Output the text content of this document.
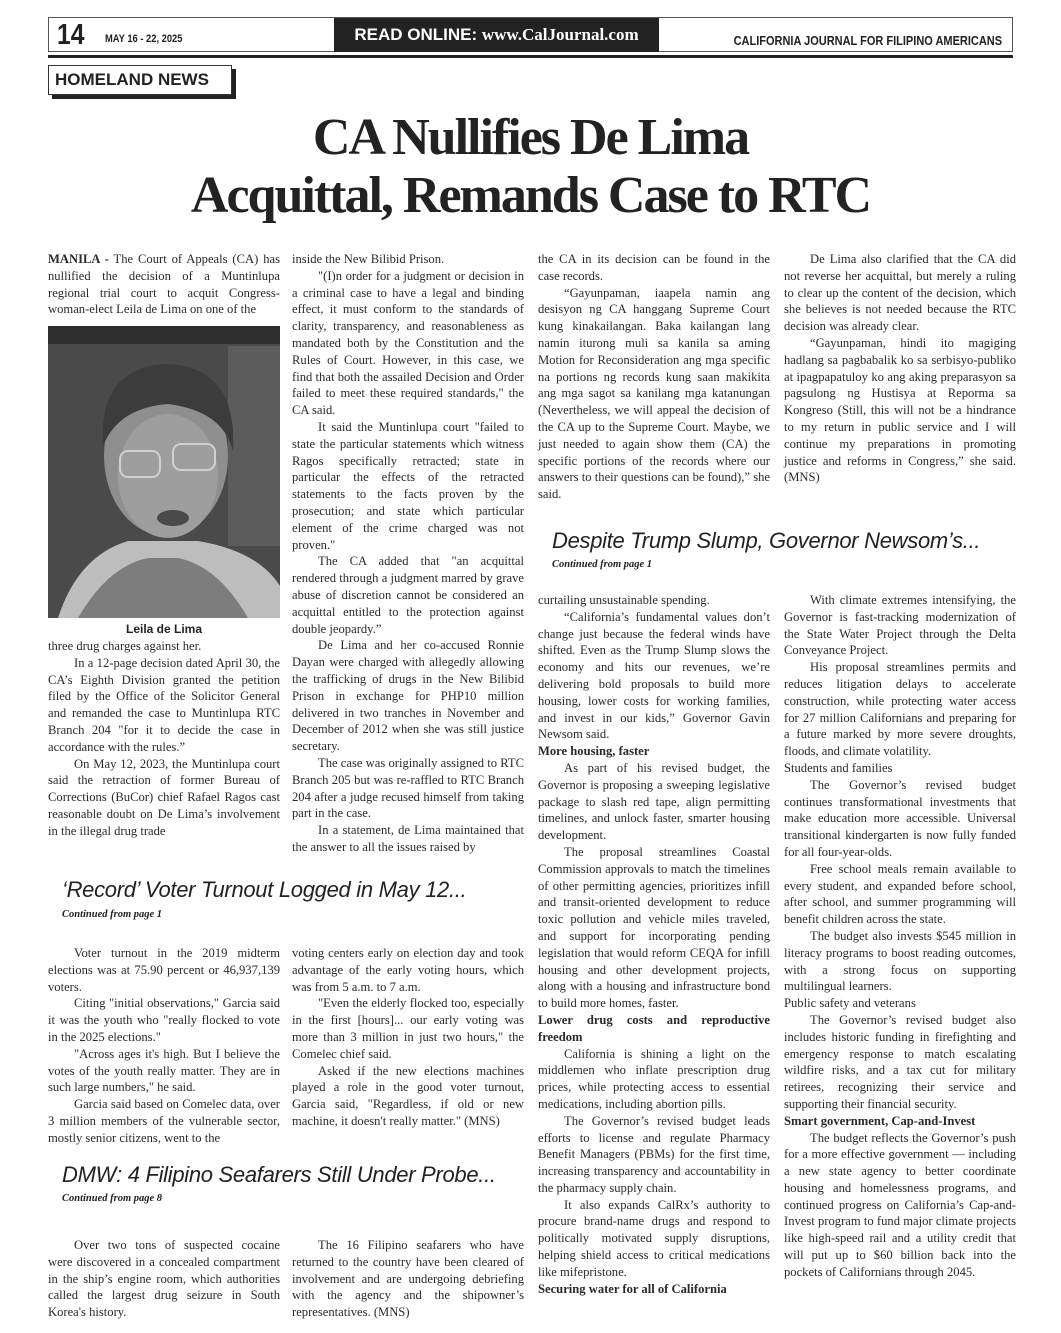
14 MAY 16 - 22, 2025	READ ONLINE: www.CalJournal.com	CALIFORNIA JOURNAL FOR FILIPINO AMERICANS
HOMELAND NEWS
CA Nullifies De Lima
Acquittal, Remands Case to RTC

MANILA - The Court of Appeals (CA) has nullified the decision of a Muntinlupa regional trial court to acquit Congress-woman-elect Leila de Lima on one of the

Leila de Lima

three drug charges against her.

In a 12-page decision dated April 30, the CA’s Eighth Division granted the petition filed by the Office of the Solicitor General and remanded the case to Muntinlupa RTC Branch 204 "for it to decide the case in accordance with the rules.”

On May 12, 2023, the Muntinlupa court said the retraction of former Bureau of Corrections (BuCor) chief Rafael Ragos cast reasonable doubt on De Lima’s involvement in the illegal drug trade

inside the New Bilibid Prison.

"(I)n order for a judgment or decision in a criminal case to have a legal and binding effect, it must conform to the standards of clarity, transparency, and reasonableness as mandated both by the Constitution and the Rules of Court. However, in this case, we find that both the assailed Decision and Order failed to meet these required standards," the CA said.

It said the Muntinlupa court "failed to state the particular statements which witness Ragos specifically retracted; state in particular the effects of the retracted statements to the facts proven by the prosecution; and state which particular element of the crime charged was not proven."

The CA added that "an acquittal rendered through a judgment marred by grave abuse of discretion cannot be considered an acquittal entitled to the protection against double jeopardy.”

De Lima and her co-accused Ronnie Dayan were charged with allegedly allowing the trafficking of drugs in the New Bilibid Prison in exchange for PHP10 million delivered in two tranches in November and December of 2012 when she was still justice secretary.

The case was originally assigned to RTC Branch 205 but was re-raffled to RTC Branch 204 after a judge recused himself from taking part in the case.

In a statement, de Lima maintained that the answer to all the issues raised by

the CA in its decision can be found in the case records.

“Gayunpaman, iaapela namin ang desisyon ng CA hanggang Supreme Court kung kinakailangan. Baka kailangan lang namin iturong muli sa kanila sa aming Motion for Reconsideration ang mga specific na portions ng records kung saan makikita ang mga sagot sa kanilang mga katanungan (Nevertheless, we will appeal the decision of the CA up to the Supreme Court. Maybe, we just needed to again show them (CA) the specific portions of the records where our answers to their questions can be found),” she said.

De Lima also clarified that the CA did not reverse her acquittal, but merely a ruling to clear up the content of the decision, which she believes is not needed because the RTC decision was already clear.

“Gayunpaman, hindi ito magiging hadlang sa pagbabalik ko sa serbisyo-publiko at ipagpapatuloy ko ang aking preparasyon sa pagsulong ng Hustisya at Reporma sa Kongreso (Still, this will not be a hindrance to my return in public service and I will continue my preparations in promoting justice and reforms in Congress,” she said. (MNS)

Despite Trump Slump, Governor Newsom’s...
Continued from page 1

curtailing unsustainable spending.

“California’s fundamental values don’t change just because the federal winds have shifted. Even as the Trump Slump slows the economy and hits our revenues, we’re delivering bold proposals to build more housing, lower costs for working families, and invest in our kids,” Governor Gavin Newsom said.

More housing, faster

As part of his revised budget, the Governor is proposing a sweeping legislative package to slash red tape, align permitting timelines, and unlock faster, smarter housing development.

The proposal streamlines Coastal Commission approvals to match the timelines of other permitting agencies, prioritizes infill and transit-oriented development to reduce toxic pollution and vehicle miles traveled, and support for incorporating pending legislation that would reform CEQA for infill housing and other development projects, along with a housing and infrastructure bond to build more homes, faster.

Lower drug costs and reproductive freedom

California is shining a light on the middlemen who inflate prescription drug prices, while protecting access to essential medications, including abortion pills.

The Governor’s revised budget leads efforts to license and regulate Pharmacy Benefit Managers (PBMs) for the first time, increasing transparency and accountability in the pharmacy supply chain.

It also expands CalRx’s authority to procure brand-name drugs and respond to politically motivated supply disruptions, helping shield access to critical medications like mifepristone.

Securing water for all of California

With climate extremes intensifying, the Governor is fast-tracking modernization of the State Water Project through the Delta Conveyance Project.

His proposal streamlines permits and reduces litigation delays to accelerate construction, while protecting water access for 27 million Californians and preparing for a future marked by more severe droughts, floods, and climate volatility.

Students and families

The Governor’s revised budget continues transformational investments that make education more accessible. Universal transitional kindergarten is now fully funded for all four-year-olds.

Free school meals remain available to every student, and expanded before school, after school, and summer programming will benefit children across the state.

The budget also invests $545 million in literacy programs to boost reading outcomes, with a strong focus on supporting multilingual learners.

Public safety and veterans

The Governor’s revised budget also includes historic funding in firefighting and emergency response to match escalating wildfire risks, and a tax cut for military retirees, recognizing their service and supporting their financial security.

Smart government, Cap-and-Invest

The budget reflects the Governor’s push for a more effective government — including a new state agency to better coordinate housing and homelessness programs, and continued progress on California’s Cap-and-Invest program to fund major climate projects like high-speed rail and a utility credit that will put up to $60 billion back into the pockets of Californians through 2045.

‘Record’ Voter Turnout Logged in May 12...
Continued from page 1

Voter turnout in the 2019 midterm elections was at 75.90 percent or 46,937,139 voters.

Citing "initial observations," Garcia said it was the youth who "really flocked to vote in the 2025 elections."

"Across ages it's high. But I believe the votes of the youth really matter. They are in such large numbers," he said.

Garcia said based on Comelec data, over 3 million members of the vulnerable sector, mostly senior citizens, went to the

voting centers early on election day and took advantage of the early voting hours, which was from 5 a.m. to 7 a.m.

"Even the elderly flocked too, especially in the first [hours]... our early voting was more than 3 million in just two hours," the Comelec chief said.

Asked if the new elections machines played a role in the good voter turnout, Garcia said, "Regardless, if old or new machine, it doesn't really matter." (MNS)

DMW: 4 Filipino Seafarers Still Under Probe...
Continued from page 8

Over two tons of suspected cocaine were discovered in a concealed compartment in the ship’s engine room, which authorities called the largest drug seizure in South Korea's history.

The 16 Filipino seafarers who have returned to the country have been cleared of involvement and are undergoing debriefing with the agency and the shipowner’s representatives. (MNS)
